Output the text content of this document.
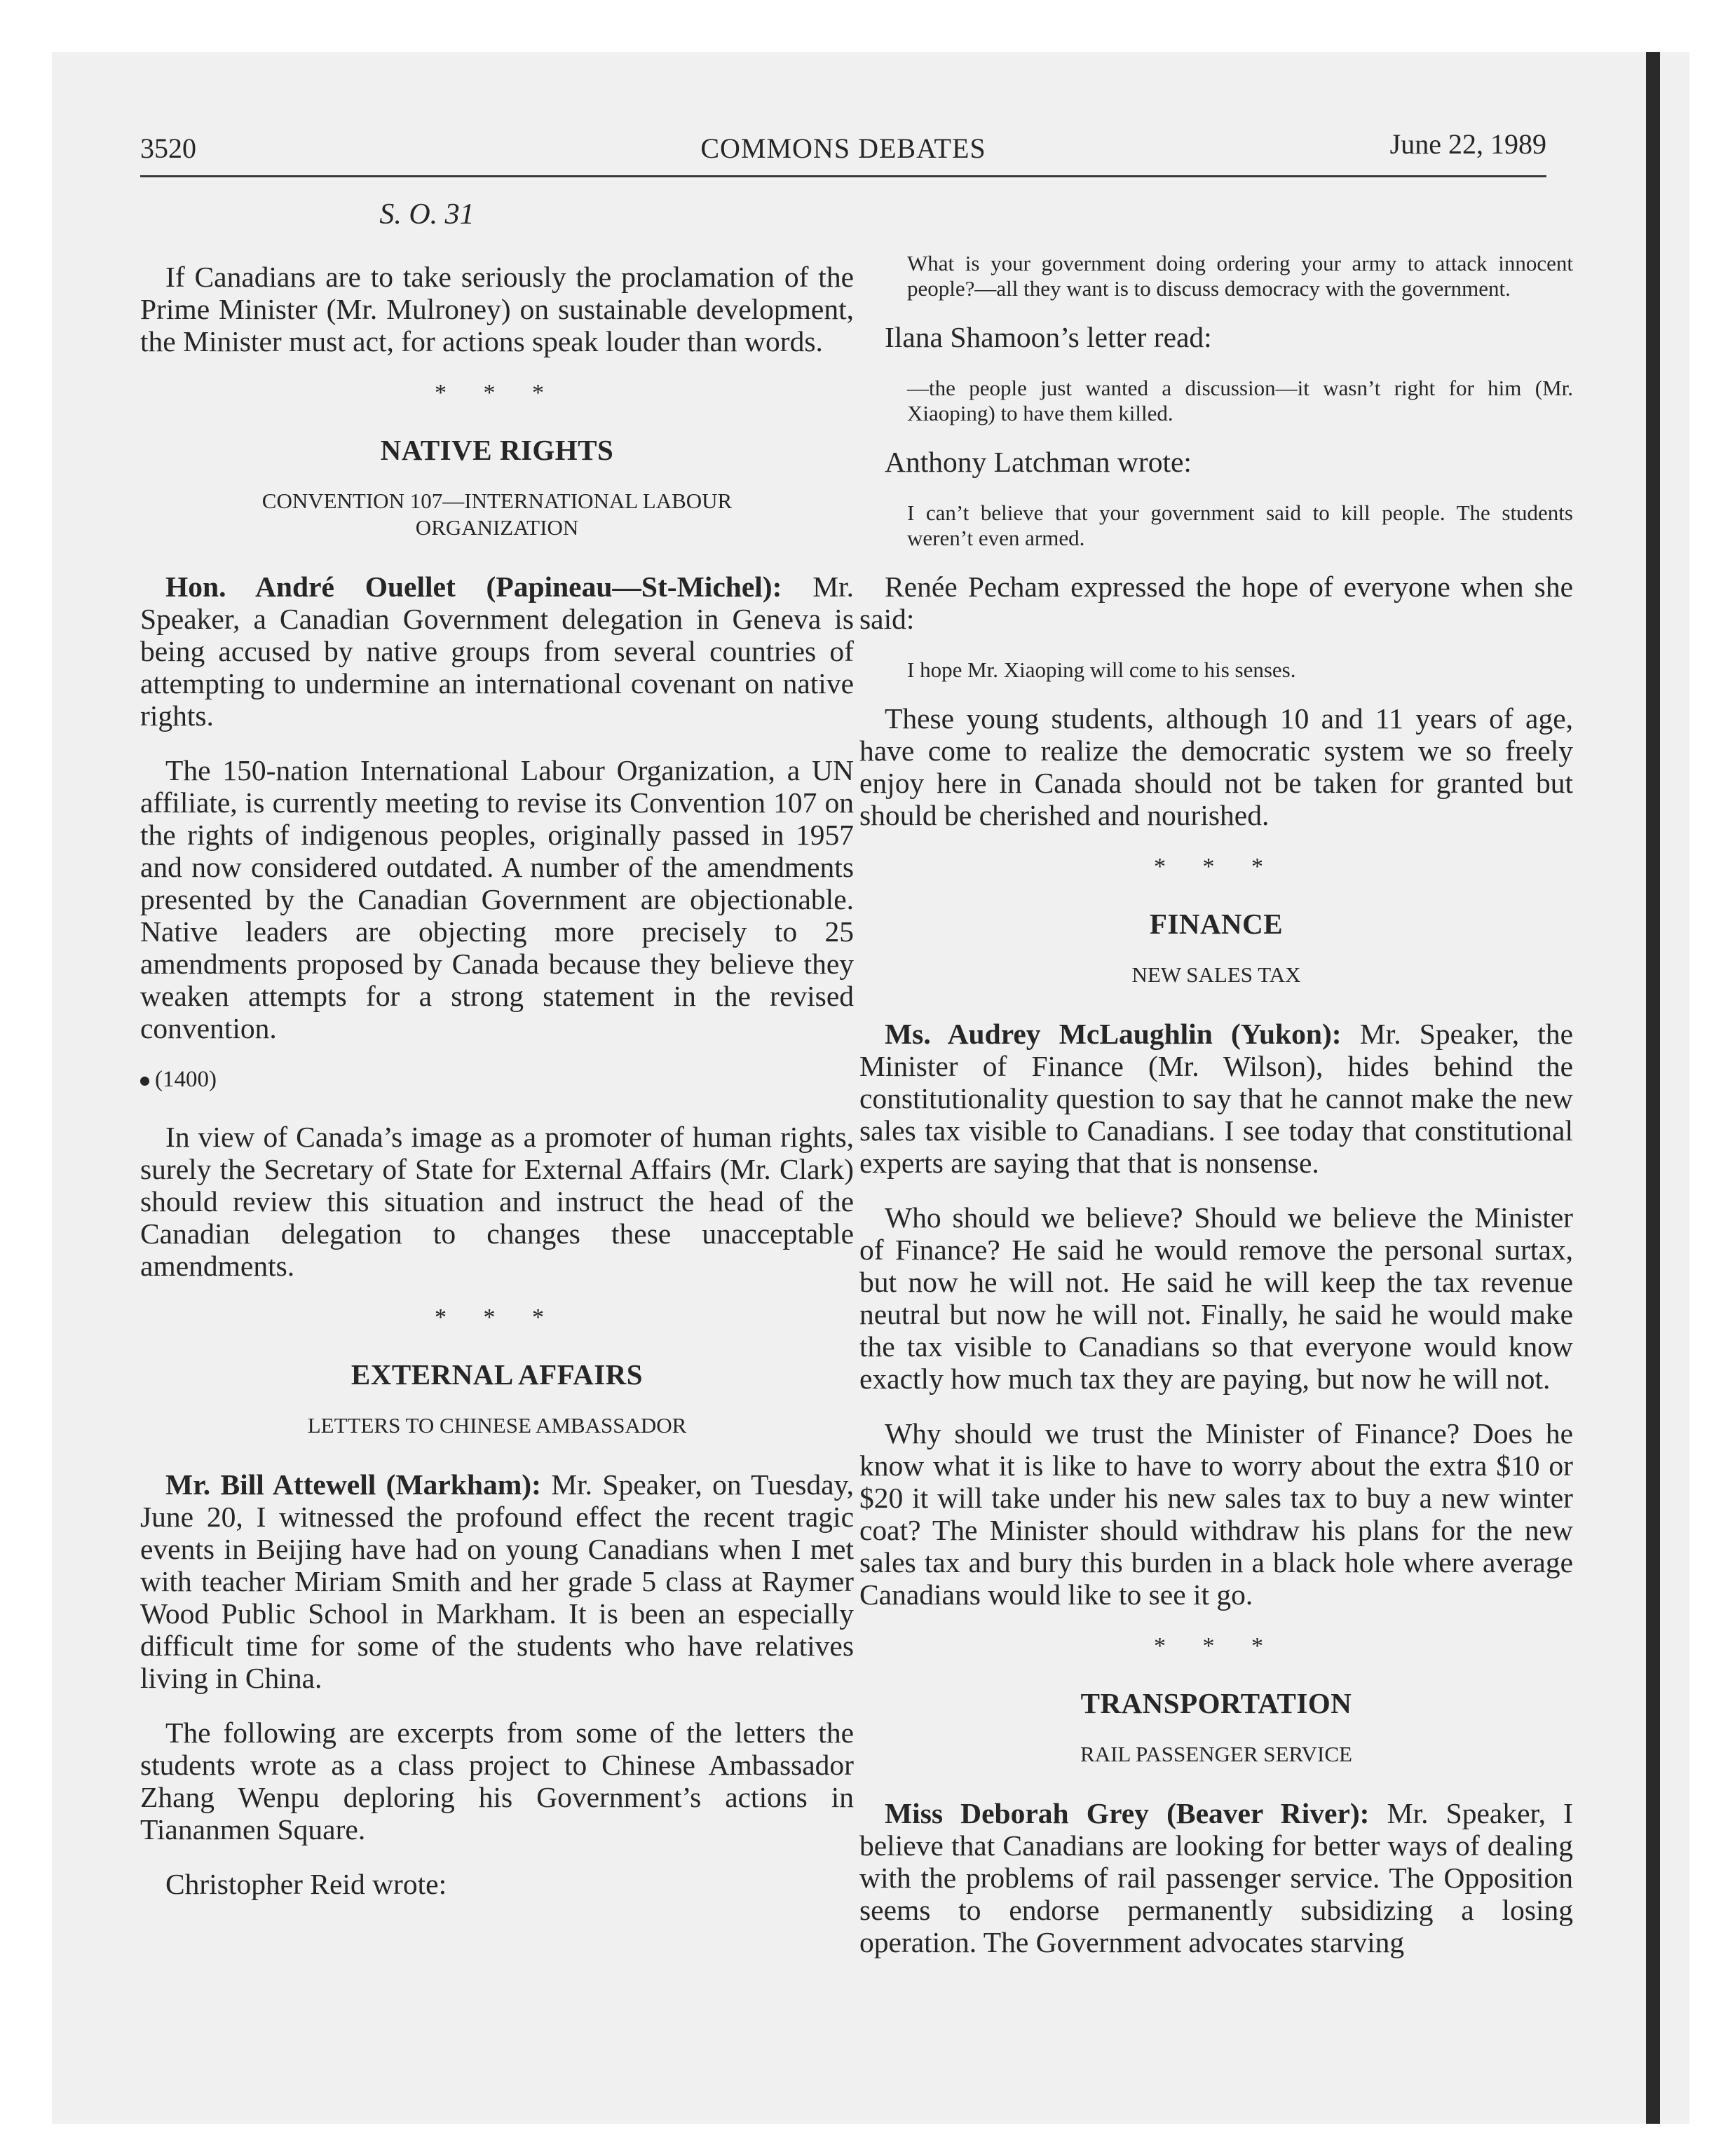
3520	COMMONS DEBATES	June 22, 1989
S. O. 31

If Canadians are to take seriously the proclamation of the Prime Minister (Mr. Mulroney) on sustainable development, the Minister must act, for actions speak louder than words.

* * *
NATIVE RIGHTS
CONVENTION 107—INTERNATIONAL LABOUR ORGANIZATION

Hon. André Ouellet (Papineau—St-Michel): Mr. Speaker, a Canadian Government delegation in Geneva is being accused by native groups from several countries of attempting to undermine an international covenant on native rights.

The 150-nation International Labour Organization, a UN affiliate, is currently meeting to revise its Convention 107 on the rights of indigenous peoples, originally passed in 1957 and now considered outdated. A number of the amendments presented by the Canadian Government are objectionable. Native leaders are objecting more precisely to 25 amendments proposed by Canada because they believe they weaken attempts for a strong statement in the revised convention.

(1400)

In view of Canada’s image as a promoter of human rights, surely the Secretary of State for External Affairs (Mr. Clark) should review this situation and instruct the head of the Canadian delegation to changes these unacceptable amendments.

* * *
EXTERNAL AFFAIRS
LETTERS TO CHINESE AMBASSADOR

Mr. Bill Attewell (Markham): Mr. Speaker, on Tuesday, June 20, I witnessed the profound effect the recent tragic events in Beijing have had on young Canadians when I met with teacher Miriam Smith and her grade 5 class at Raymer Wood Public School in Markham. It is been an especially difficult time for some of the students who have relatives living in China.

The following are excerpts from some of the letters the students wrote as a class project to Chinese Ambassador Zhang Wenpu deploring his Government’s actions in Tiananmen Square.

Christopher Reid wrote:

What is your government doing ordering your army to attack innocent people?—all they want is to discuss democracy with the government.

Ilana Shamoon’s letter read:

—the people just wanted a discussion—it wasn’t right for him (Mr. Xiaoping) to have them killed.

Anthony Latchman wrote:

I can’t believe that your government said to kill people. The students weren’t even armed.

Renée Pecham expressed the hope of everyone when she said:

I hope Mr. Xiaoping will come to his senses.

These young students, although 10 and 11 years of age, have come to realize the democratic system we so freely enjoy here in Canada should not be taken for granted but should be cherished and nourished.

* * *
FINANCE
NEW SALES TAX

Ms. Audrey McLaughlin (Yukon): Mr. Speaker, the Minister of Finance (Mr. Wilson), hides behind the constitutionality question to say that he cannot make the new sales tax visible to Canadians. I see today that constitutional experts are saying that that is nonsense.

Who should we believe? Should we believe the Minister of Finance? He said he would remove the personal surtax, but now he will not. He said he will keep the tax revenue neutral but now he will not. Finally, he said he would make the tax visible to Canadians so that everyone would know exactly how much tax they are paying, but now he will not.

Why should we trust the Minister of Finance? Does he know what it is like to have to worry about the extra $10 or $20 it will take under his new sales tax to buy a new winter coat? The Minister should withdraw his plans for the new sales tax and bury this burden in a black hole where average Canadians would like to see it go.

* * *
TRANSPORTATION
RAIL PASSENGER SERVICE

Miss Deborah Grey (Beaver River): Mr. Speaker, I believe that Canadians are looking for better ways of dealing with the problems of rail passenger service. The Opposition seems to endorse permanently subsidizing a losing operation. The Government advocates starving
